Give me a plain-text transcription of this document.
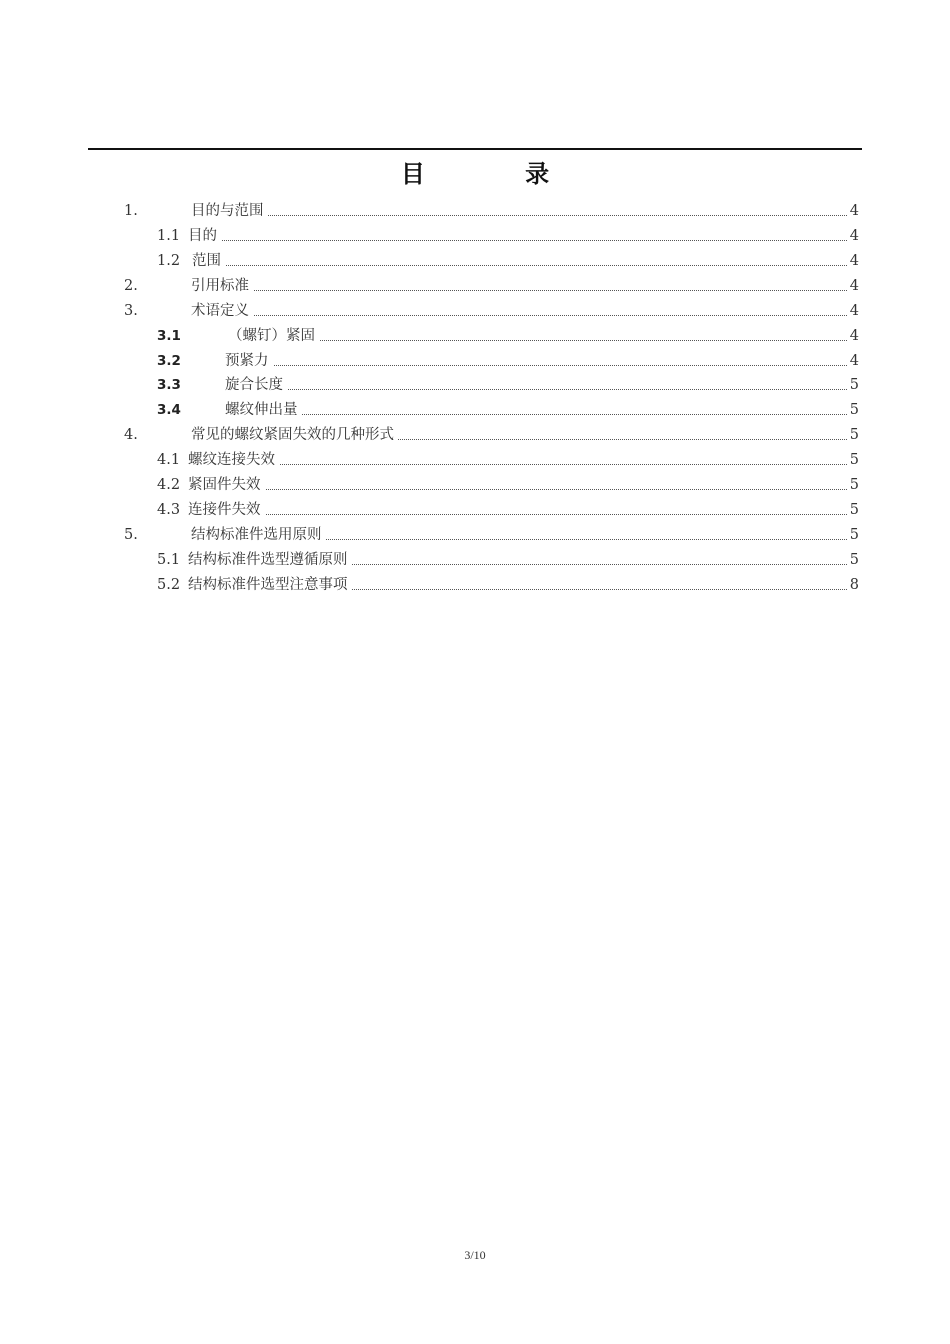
目 录
1.	目的与范围	4
1.1 目的	4
1.2 范围	4
2.	引用标准	4
3.	术语定义	4
3.1	（螺钉）紧固	4
3.2	预紧力	4
3.3	旋合长度	5
3.4	螺纹伸出量	5
4.	常见的螺纹紧固失效的几种形式	5
4.1 螺纹连接失效	5
4.2 紧固件失效	5
4.3 连接件失效	5
5.	结构标准件选用原则	5
5.1 结构标准件选型遵循原则	5
5.2 结构标准件选型注意事项	8
3/10
